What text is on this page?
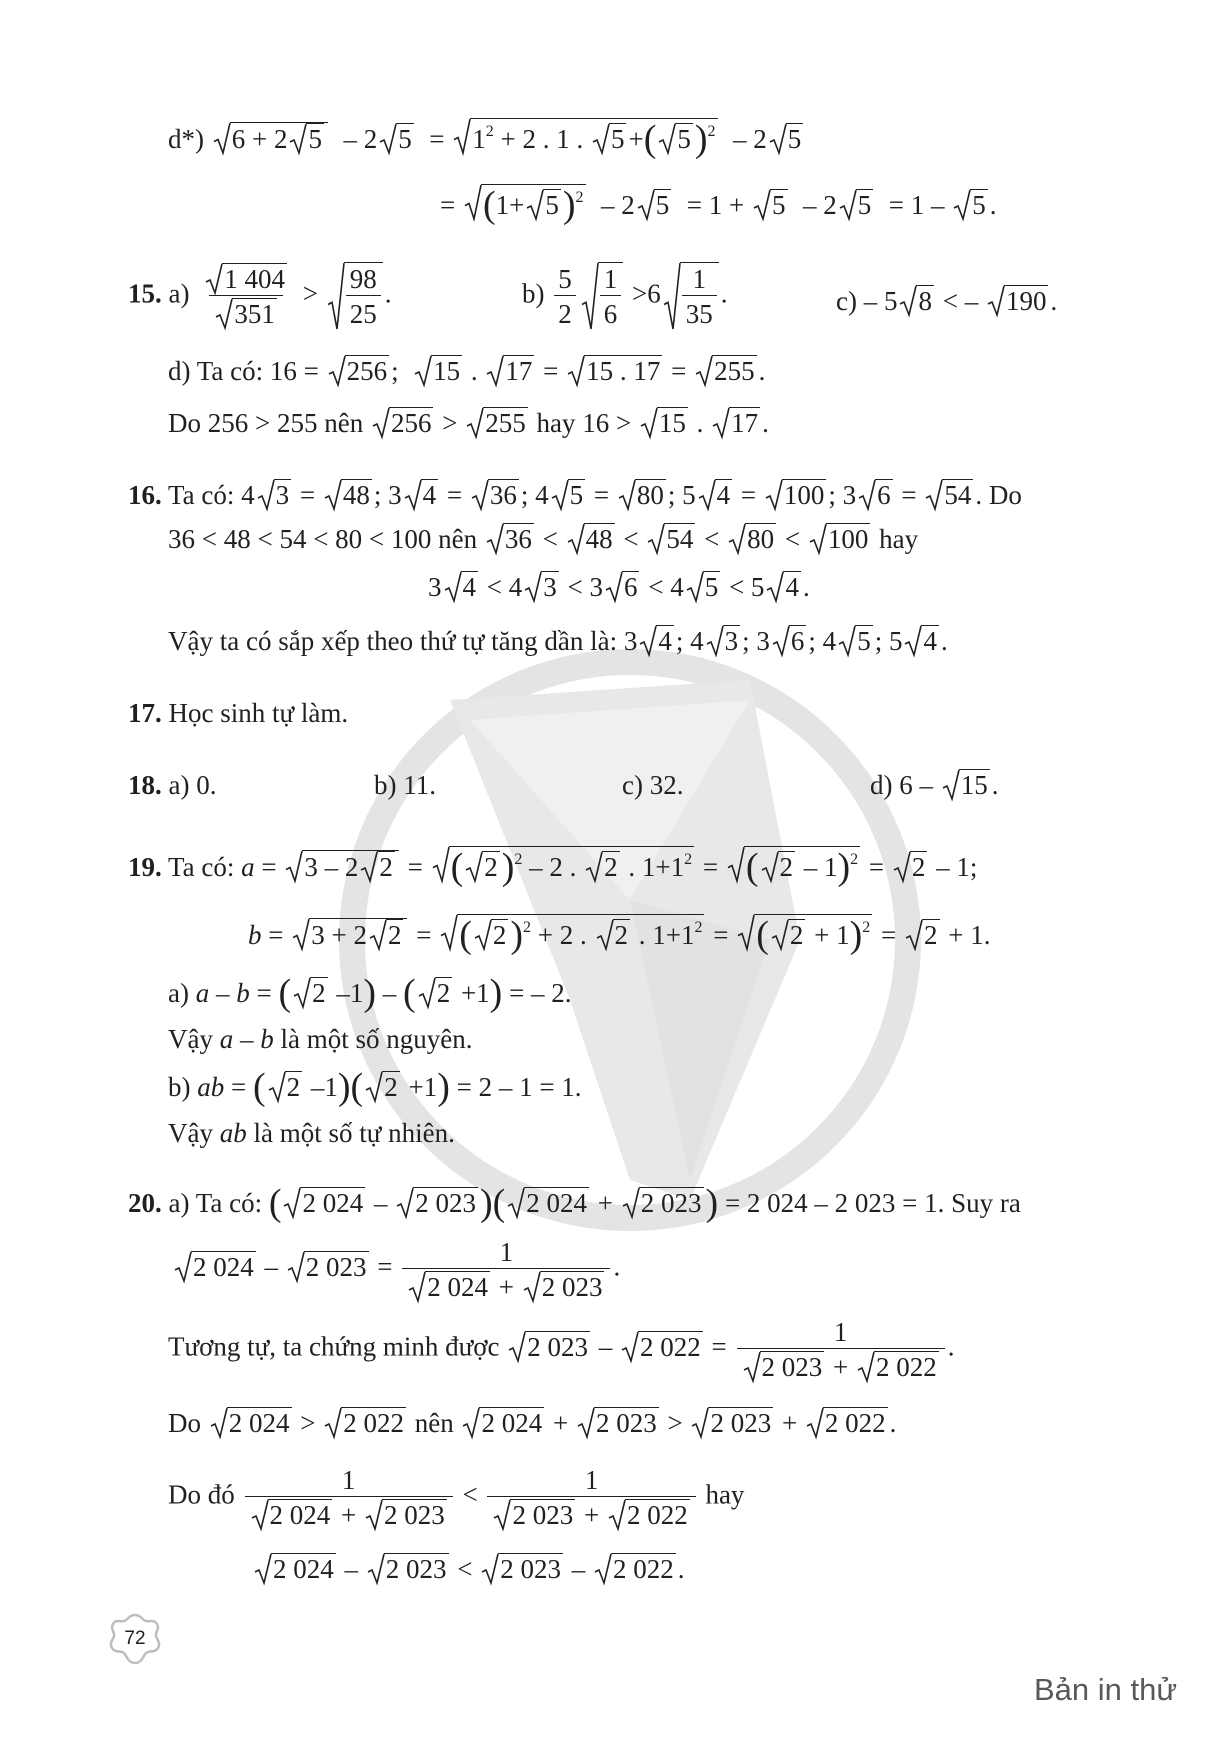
d*) 6 + 2 5  – 2 5  =
$1^2 + 2$ . 1 .
5 +( 5 )$^2$  – 2 5
=
(1+ 5 )$^2$  – 2 5  = 1 +
5  – 2 5  = 1 –
5 .
15. $a) \frac{1 404}{351} > \frac{98}{25}$ .	$b) \frac{5}{2} \frac{1}{6} >6 \frac{1}{35}$ .	c) – 5 8 < –
190 .
d) Ta có: 16 =
256 ;
15 .
17 =
15 . 17 =
255 .
Do 256 > 255 nên 256 >
255 hay 16 >
15 .
17 .
16. Ta có: 4 3 =
48 ; 3 4 =
36 ; 4 5 =
80 ; 5 4 =
100 ; 3 6 =
54 . Do
36 < 48 < 54 < 80 < 100 nên 36 <
48 <
54 <
80 <
100 hay
3 4 < 4 3 < 3 6 < 4 5 < 5 4 .
Vậy ta có sắp xếp theo thứ tự tăng dần là: 3 4 ; 4 3 ; 3 6 ; 4 5 ; 5 4 .
17. Học sinh tự làm.
18. a) 0.	b) 11.	c) 32.	d) 6 – 15 .
19. Ta có: a =
3 – 2 2 =
( 2 )$^2$ – 2 .
2 . $1+1^2$ =
( 2 – 1)$^2$ =
2 – 1;
b =
3 + 2 2 =
( 2 )$^2$ + 2 .
2 . $1+1^2$ =
( 2 + 1)$^2$ =
2 + 1.
a) a – b = ( 2 –1) – ( 2 +1) = – 2.
Vậy a – b là một số nguyên.
b) ab = ( 2 –1)( 2 +1) = 2 – 1 = 1.
Vậy ab là một số tự nhiên.
20. a) Ta có: ( 2 024 –
2 023 )( 2 024 +
2 023 ) = 2 024 – 2 023 = 1. Suy ra
2 024 –
2 023 = 1
2 024 +
2 023 .
Tương tự, ta chứng minh được 2 023 –
2 022 = 1
2 023 +
2 022 .
Do 2 024 >
2 022 nên 2 024 +
2 023 >
2 023 +
2 022 .
Do đó 1
2 024 +
2 023 < 1
2 023 +
2 022 hay
2 024 –
2 023 <
2 023 –
2 022 .
72
Bản in thử
